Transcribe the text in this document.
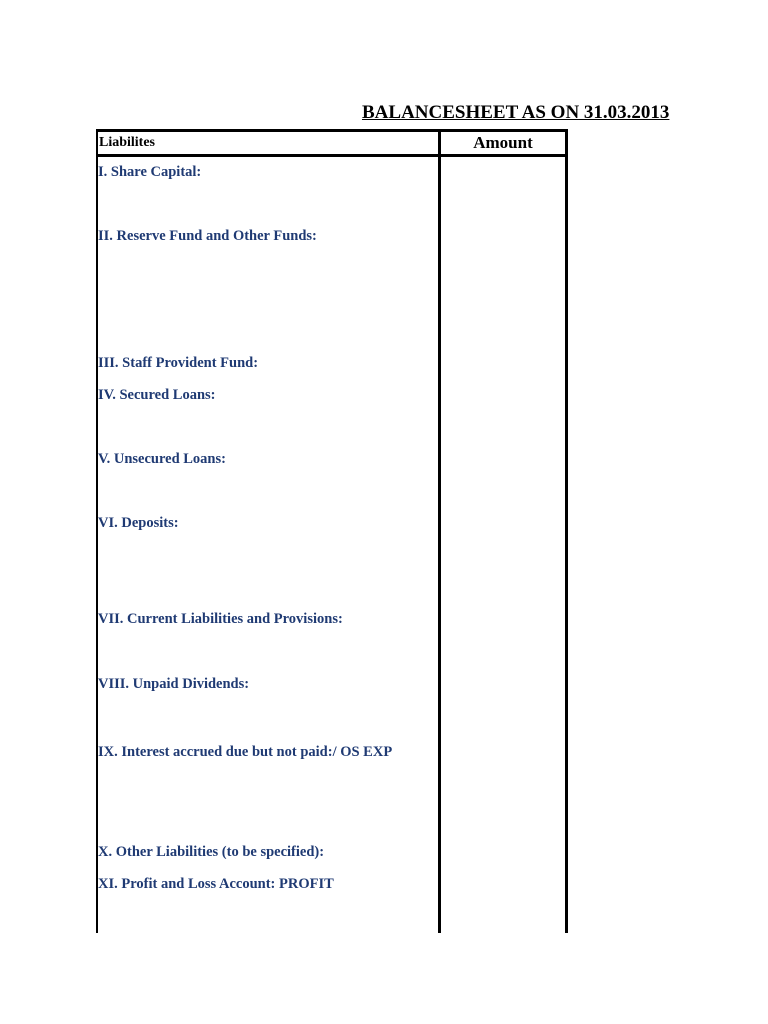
BALANCESHEET AS ON 31.03.2013
Liabilites	Amount
I. Share Capital:
II. Reserve Fund and Other Funds:
III. Staff Provident Fund:
IV. Secured Loans:
V. Unsecured Loans:
VI. Deposits:
VII. Current Liabilities and Provisions:
VIII. Unpaid Dividends:
IX. Interest accrued due but not paid:/ OS EXP
X. Other Liabilities (to be specified):
XI. Profit and Loss Account: PROFIT
